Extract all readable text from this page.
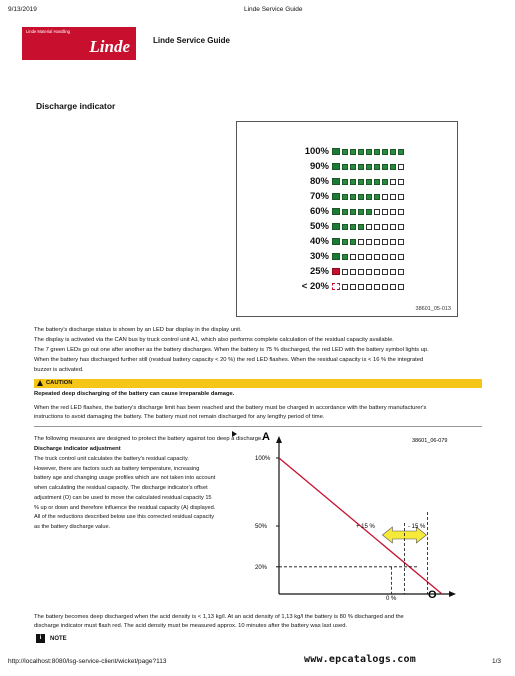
9/13/2019	Linde Service Guide
Linde Material Handling
Linde	Linde Service Guide
Discharge indicator
100%
90%
80%
70%
60%
50%
40%
30%
25%
< 20%
38601_05-013
The battery's discharge status is shown by an LED bar display in the display unit.
The display is activated via the CAN bus by truck control unit A1, which also performs complete calculation of the residual capacity available.
The 7 green LEDs go out one after another as the battery discharges. When the battery is 75 % discharged, the red LED with the battery symbol lights up.
When the battery has discharged further still (residual battery capacity < 20 %) the red LED flashes. When the residual capacity is < 16 % the integrated
buzzer is activated.
CAUTION
Repeated deep discharging of the battery can cause irreparable damage.
When the red LED flashes, the battery's discharge limit has been reached and the battery must be charged in accordance with the battery manufacturer's
instructions to avoid damaging the battery. The battery must not remain discharged for any lengthy period of time.
The following measures are designed to protect the battery against too deep a discharge.
Discharge indicator adjustment
The truck control unit calculates the battery's residual capacity.
However, there are factors such as battery temperature, increasing
battery age and changing usage profiles which are not taken into account
when calculating the residual capacity. The discharge indicator's offset
adjustment (O) can be used to move the calculated residual capacity 15
% up or down and therefore influence the residual capacity (A) displayed.
All of the reductions described below use this corrected residual capacity
as the battery discharge value.
A
O
38601_06-079
100%
50%
20%
+ 15 %	- 15 %
0 %
The battery becomes deep discharged when the acid density is < 1,13 kg/l. At an acid density of 1,13 kg/l the battery is 80 % discharged and the
discharge indicator must flash red. The acid density must be measured approx. 10 minutes after the battery was last used.
i	NOTE
http://localhost:8080/lsg-service-client/wicket/page?113	www.epcatalogs.com	1/3
